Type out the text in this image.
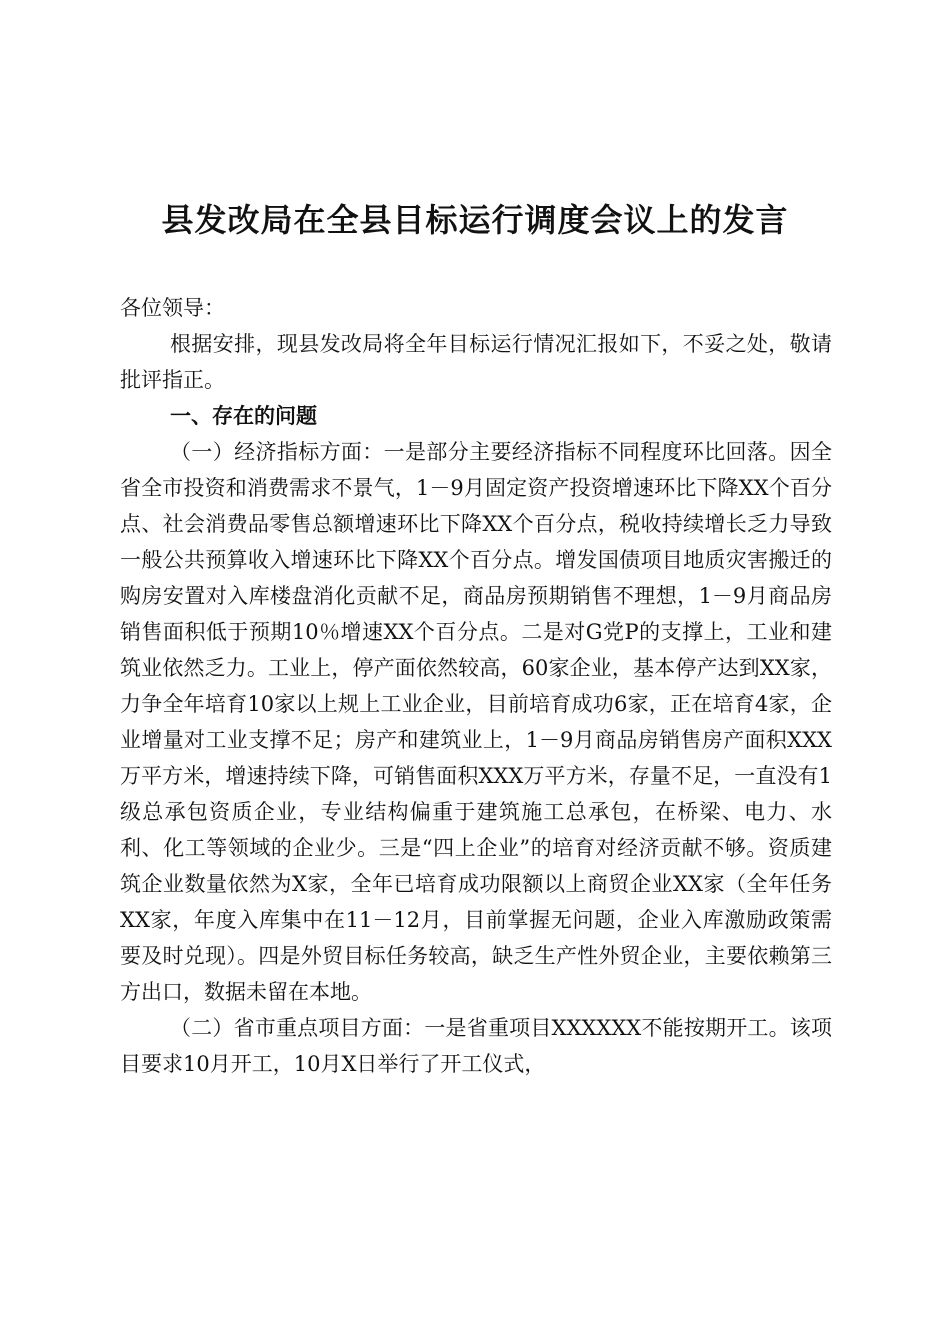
县发改局在全县目标运行调度会议上的发言

各位领导：

根据安排，现县发改局将全年目标运行情况汇报如下，不妥之处，敬请批评指正。

一、存在的问题

（一）经济指标方面：一是部分主要经济指标不同程度环比回落。因全省全市投资和消费需求不景气，1－9月固定资产投资增速环比下降XX个百分点、社会消费品零售总额增速环比下降XX个百分点，税收持续增长乏力导致一般公共预算收入增速环比下降XX个百分点。增发国债项目地质灾害搬迁的购房安置对入库楼盘消化贡献不足，商品房预期销售不理想，1－9月商品房销售面积低于预期10％增速XX个百分点。二是对G党P的支撑上，工业和建筑业依然乏力。工业上，停产面依然较高，60家企业，基本停产达到XX家，力争全年培育10家以上规上工业企业，目前培育成功6家，正在培育4家，企业增量对工业支撑不足；房产和建筑业上，1－9月商品房销售房产面积XXX万平方米，增速持续下降，可销售面积XXX万平方米，存量不足，一直没有1级总承包资质企业，专业结构偏重于建筑施工总承包，在桥梁、电力、水利、化工等领域的企业少。三是“四上企业”的培育对经济贡献不够。资质建筑企业数量依然为X家，全年已培育成功限额以上商贸企业XX家（全年任务XX家，年度入库集中在11－12月，目前掌握无问题，企业入库激励政策需要及时兑现）。四是外贸目标任务较高，缺乏生产性外贸企业，主要依赖第三方出口，数据未留在本地。

（二）省市重点项目方面：一是省重项目XXXXXX不能按期开工。该项目要求10月开工，10月X日举行了开工仪式，
